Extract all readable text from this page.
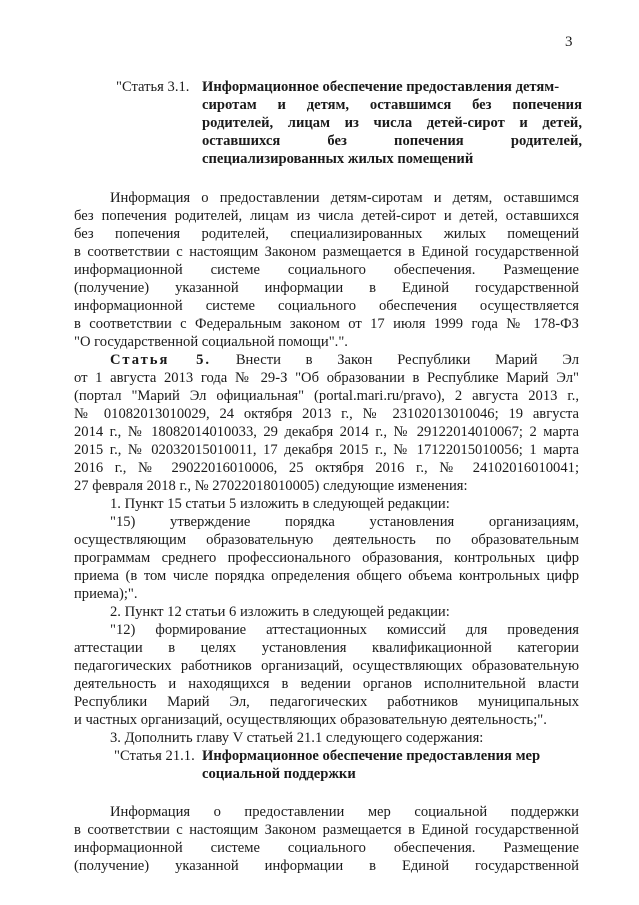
3
"Статья 3.1. Информационное обеспечение предоставления детям-
сиротам и детям, оставшимся без попечения
родителей, лицам из числа детей-сирот и детей,
оставшихся без попечения родителей,
специализированных жилых помещений
Информация о предоставлении детям-сиротам и детям, оставшимся
без попечения родителей, лицам из числа детей-сирот и детей, оставшихся
без попечения родителей, специализированных жилых помещений
в соответствии с настоящим Законом размещается в Единой государственной
информационной системе социального обеспечения. Размещение
(получение) указанной информации в Единой государственной
информационной системе социального обеспечения осуществляется
в соответствии с Федеральным законом от 17 июля 1999 года № 178-ФЗ
"О государственной социальной помощи".".
Статья 5. Внести в Закон Республики Марий Эл
от 1 августа 2013 года № 29-З "Об образовании в Республике Марий Эл"
(портал "Марий Эл официальная" (portal.mari.ru/pravo), 2 августа 2013 г.,
№ 01082013010029, 24 октября 2013 г., № 23102013010046; 19 августа
2014 г., № 18082014010033, 29 декабря 2014 г., № 29122014010067; 2 марта
2015 г., № 02032015010011, 17 декабря 2015 г., № 17122015010056; 1 марта
2016 г., № 29022016010006, 25 октября 2016 г., № 24102016010041;
27 февраля 2018 г., № 27022018010005) следующие изменения:
1. Пункт 15 статьи 5 изложить в следующей редакции:
"15) утверждение порядка установления организациям,
осуществляющим образовательную деятельность по образовательным
программам среднего профессионального образования, контрольных цифр
приема (в том числе порядка определения общего объема контрольных цифр
приема);".
2. Пункт 12 статьи 6 изложить в следующей редакции:
"12) формирование аттестационных комиссий для проведения
аттестации в целях установления квалификационной категории
педагогических работников организаций, осуществляющих образовательную
деятельность и находящихся в ведении органов исполнительной власти
Республики Марий Эл, педагогических работников муниципальных
и частных организаций, осуществляющих образовательную деятельность;".
3. Дополнить главу V статьей 21.1 следующего содержания:
"Статья 21.1. Информационное обеспечение предоставления мер
социальной поддержки
Информация о предоставлении мер социальной поддержки
в соответствии с настоящим Законом размещается в Единой государственной
информационной системе социального обеспечения. Размещение
(получение) указанной информации в Единой государственной
